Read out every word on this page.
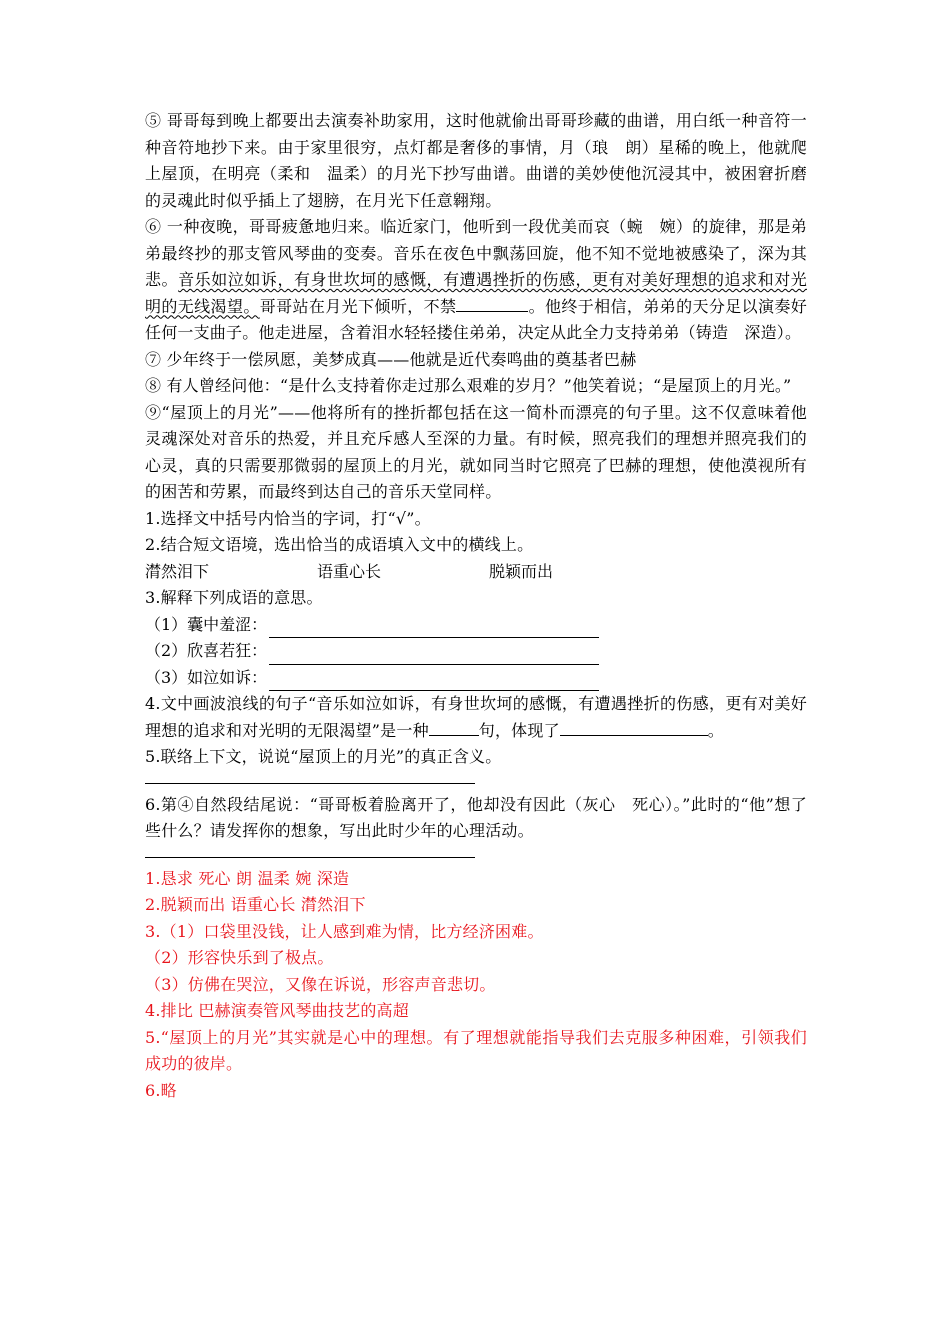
⑤ 哥哥每到晚上都要出去演奏补助家用，这时他就偷出哥哥珍藏的曲谱，用白纸一种音符一种音符地抄下来。由于家里很穷，点灯都是奢侈的事情，月（琅　朗）星稀的晚上，他就爬上屋顶，在明亮（柔和　温柔）的月光下抄写曲谱。曲谱的美妙使他沉浸其中，被困窘折磨的灵魂此时似乎插上了翅膀，在月光下任意翱翔。

⑥ 一种夜晚，哥哥疲惫地归来。临近家门，他听到一段优美而哀（蜿　婉）的旋律，那是弟弟最终抄的那支管风琴曲的变奏。音乐在夜色中飘荡回旋，他不知不觉地被感染了，深为其悲。音乐如泣如诉，有身世坎坷的感慨，有遭遇挫折的伤感，更有对美好理想的追求和对光明的无线渴望。哥哥站在月光下倾听，不禁	。他终于相信，弟弟的天分足以演奏好任何一支曲子。他走进屋，含着泪水轻轻搂住弟弟，决定从此全力支持弟弟（铸造　深造）。

⑦ 少年终于一偿夙愿，美梦成真——他就是近代奏鸣曲的奠基者巴赫

⑧ 有人曾经问他：“是什么支持着你走过那么艰难的岁月？”他笑着说；“是屋顶上的月光。”

⑨“屋顶上的月光”——他将所有的挫折都包括在这一简朴而漂亮的句子里。这不仅意味着他灵魂深处对音乐的热爱，并且充斥感人至深的力量。有时候，照亮我们的理想并照亮我们的心灵，真的只需要那微弱的屋顶上的月光，就如同当时它照亮了巴赫的理想，使他漠视所有的困苦和劳累，而最终到达自己的音乐天堂同样。

1.选择文中括号内恰当的字词，打“√”。

2.结合短文语境，选出恰当的成语填入文中的横线上。

潸然泪下	语重心长	脱颖而出

3.解释下列成语的意思。

（1）囊中羞涩：
（2）欣喜若狂：
（3）如泣如诉：

4.文中画波浪线的句子“音乐如泣如诉，有身世坎坷的感慨，有遭遇挫折的伤感，更有对美好理想的追求和对光明的无限渴望”是一种	句，体现了	。

5.联络上下文，说说“屋顶上的月光”的真正含义。

6.第④自然段结尾说：“哥哥板着脸离开了，他却没有因此（灰心　死心）。”此时的“他”想了些什么？请发挥你的想象，写出此时少年的心理活动。

1.恳求 死心 朗 温柔 婉 深造

2.脱颖而出 语重心长 潸然泪下

3.（1）口袋里没钱，让人感到难为情，比方经济困难。

（2）形容快乐到了极点。

（3）仿佛在哭泣，又像在诉说，形容声音悲切。

4.排比 巴赫演奏管风琴曲技艺的高超

5.“屋顶上的月光”其实就是心中的理想。有了理想就能指导我们去克服多种困难，引领我们成功的彼岸。

6.略
